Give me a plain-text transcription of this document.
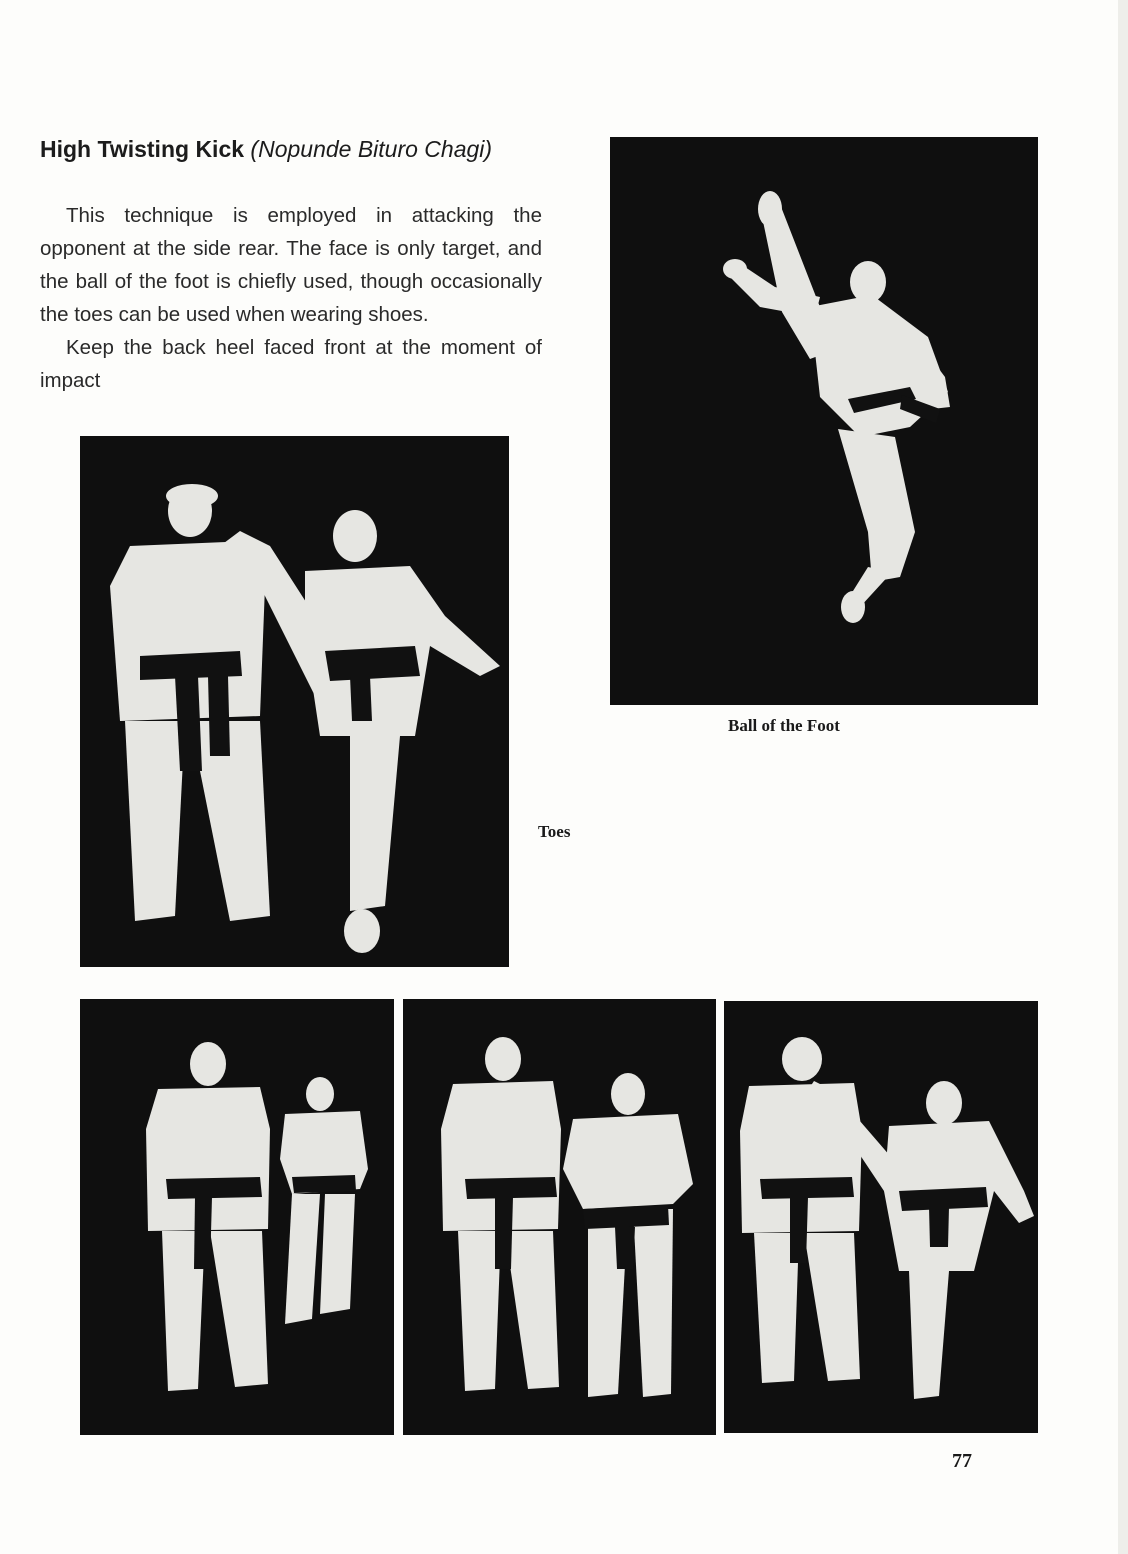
High Twisting Kick (Nopunde Bituro Chagi)

This technique is employed in attacking the opponent at the side rear. The face is only target, and the ball of the foot is chiefly used, though occasionally the toes can be used when wearing shoes.

Keep the back heel faced front at the moment of impact

Ball of the Foot
Toes
77
